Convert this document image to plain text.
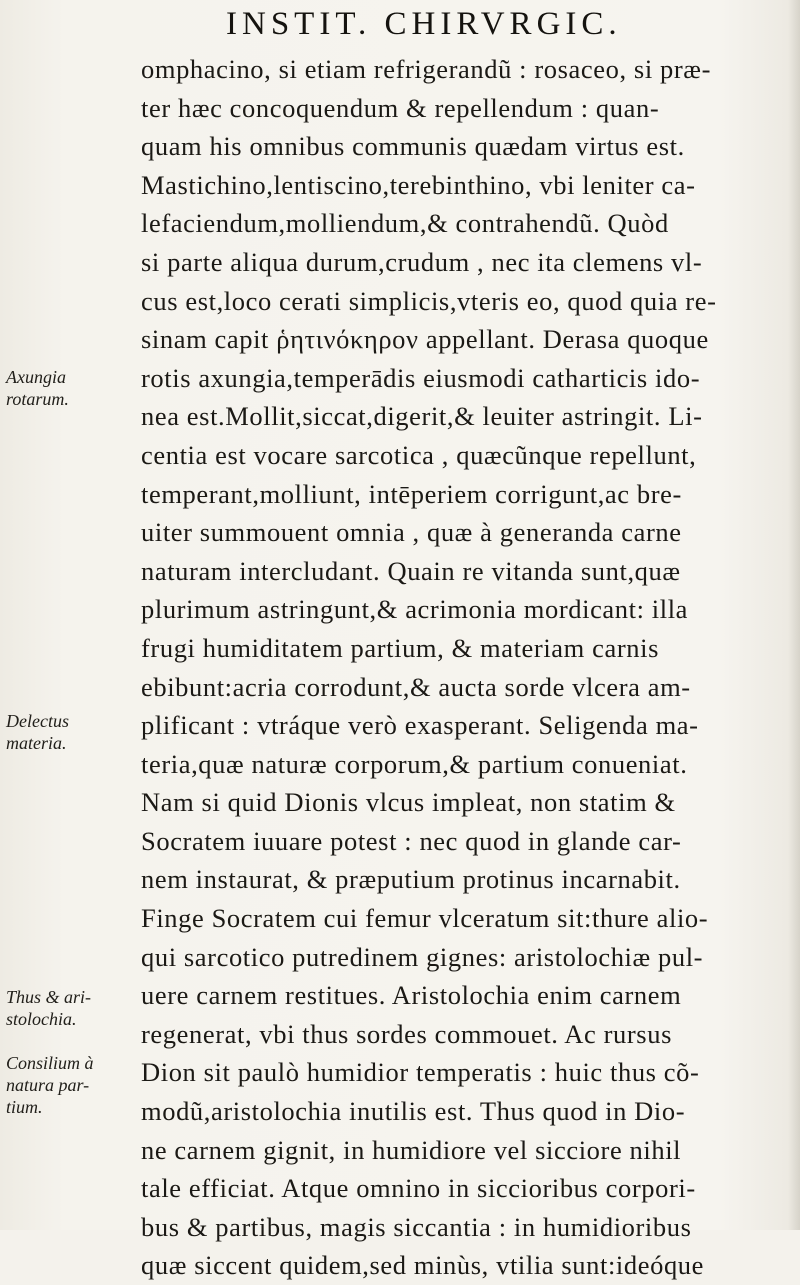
INSTIT. CHIRVRGIC.
Axungia
rotarum.
Delectus
materia.
Thus & ari-
stolochia.
Consilium à
natura par-
tium.
omphacino, si etiam refrigerandũ : rosaceo, si præ-
ter hæc concoquendum & repellendum : quan-
quam his omnibus communis quædam virtus est.
Mastichino,lentiscino,terebinthino, vbi leniter ca-
lefaciendum,molliendum,& contrahendũ. Quòd
si parte aliqua durum,crudum , nec ita clemens vl-
cus est,loco cerati simplicis,vteris eo, quod quia re-
sinam capit ῥητινόκηρον appellant. Derasa quoque
rotis axungia,temperādis eiusmodi catharticis ido-
nea est.Mollit,siccat,digerit,& leuiter astringit. Li-
centia est vocare sarcotica , quæcũnque repellunt,
temperant,molliunt, intēperiem corrigunt,ac bre-
uiter summouent omnia , quæ à generanda carne
naturam intercludant. Quain re vitanda sunt,quæ
plurimum astringunt,& acrimonia mordicant: illa
frugi humiditatem partium, & materiam carnis
ebibunt:acria corrodunt,& aucta sorde vlcera am-
plificant : vtráque verò exasperant. Seligenda ma-
teria,quæ naturæ corporum,& partium conueniat.
Nam si quid Dionis vlcus impleat, non statim &
Socratem iuuare potest : nec quod in glande car-
nem instaurat, & præputium protinus incarnabit.
Finge Socratem cui femur vlceratum sit:thure alio-
qui sarcotico putredinem gignes: aristolochiæ pul-
uere carnem restitues. Aristolochia enim carnem
regenerat, vbi thus sordes commouet. Ac rursus
Dion sit paulò humidior temperatis : huic thus cõ-
modũ,aristolochia inutilis est. Thus quod in Dio-
ne carnem gignit, in humidiore vel sicciore nihil
tale efficiat. Atque omnino in siccioribus corpori-
bus & partibus, magis siccantia : in humidioribus
quæ siccent quidem,sed minùs, vtilia sunt:ideóque
